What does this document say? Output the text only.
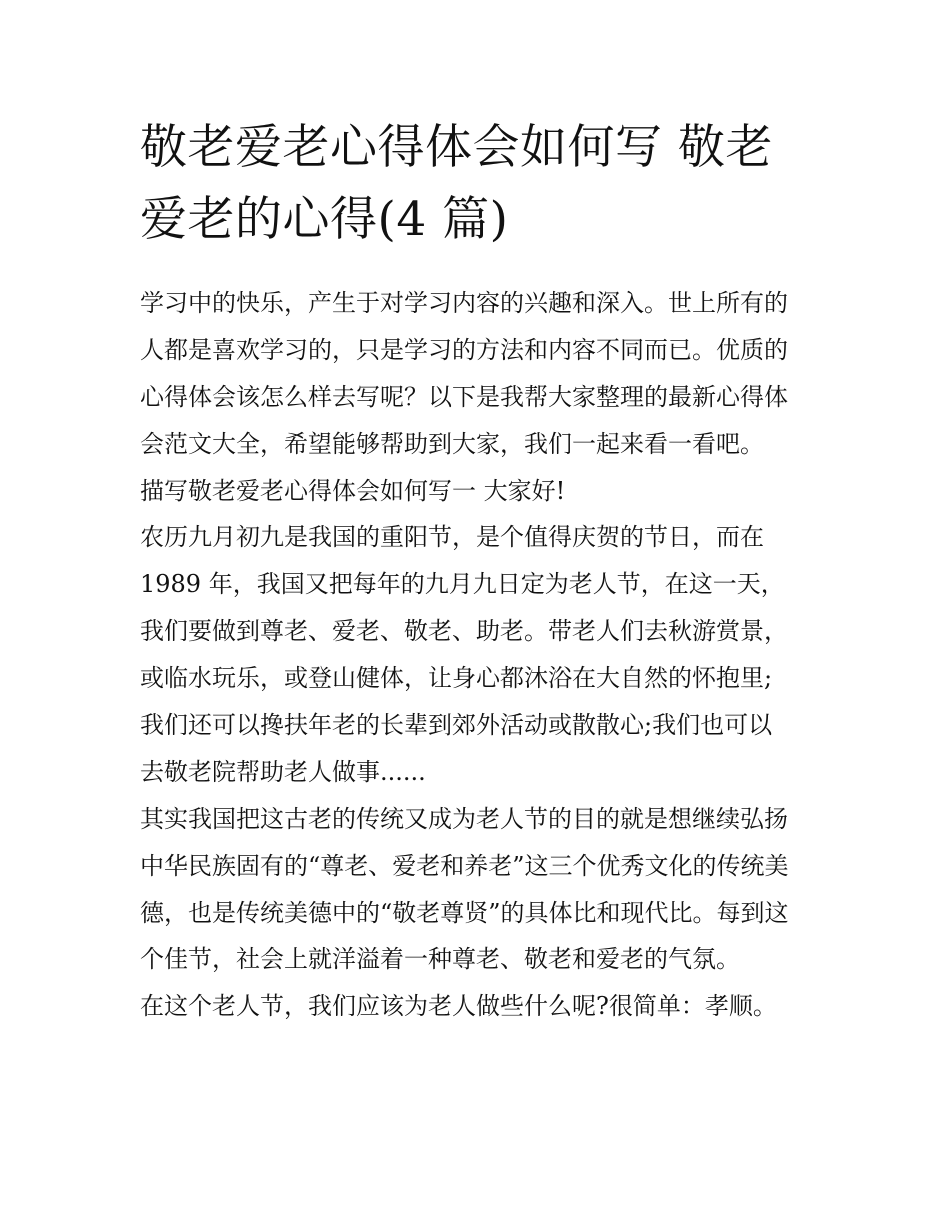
敬老爱老心得体会如何写 敬老
爱老的心得(4 篇)
学习中的快乐，产生于对学习内容的兴趣和深入。世上所有的
人都是喜欢学习的，只是学习的方法和内容不同而已。优质的
心得体会该怎么样去写呢？以下是我帮大家整理的最新心得体
会范文大全，希望能够帮助到大家，我们一起来看一看吧。
描写敬老爱老心得体会如何写一 大家好!
农历九月初九是我国的重阳节，是个值得庆贺的节日，而在
1989 年，我国又把每年的九月九日定为老人节，在这一天，
我们要做到尊老、爱老、敬老、助老。带老人们去秋游赏景，
或临水玩乐，或登山健体，让身心都沐浴在大自然的怀抱里;
我们还可以搀扶年老的长辈到郊外活动或散散心;我们也可以
去敬老院帮助老人做事......
其实我国把这古老的传统又成为老人节的目的就是想继续弘扬
中华民族固有的“尊老、爱老和养老”这三个优秀文化的传统美
德，也是传统美德中的“敬老尊贤”的具体比和现代比。每到这
个佳节，社会上就洋溢着一种尊老、敬老和爱老的气氛。
在这个老人节，我们应该为老人做些什么呢?很简单：孝顺。
